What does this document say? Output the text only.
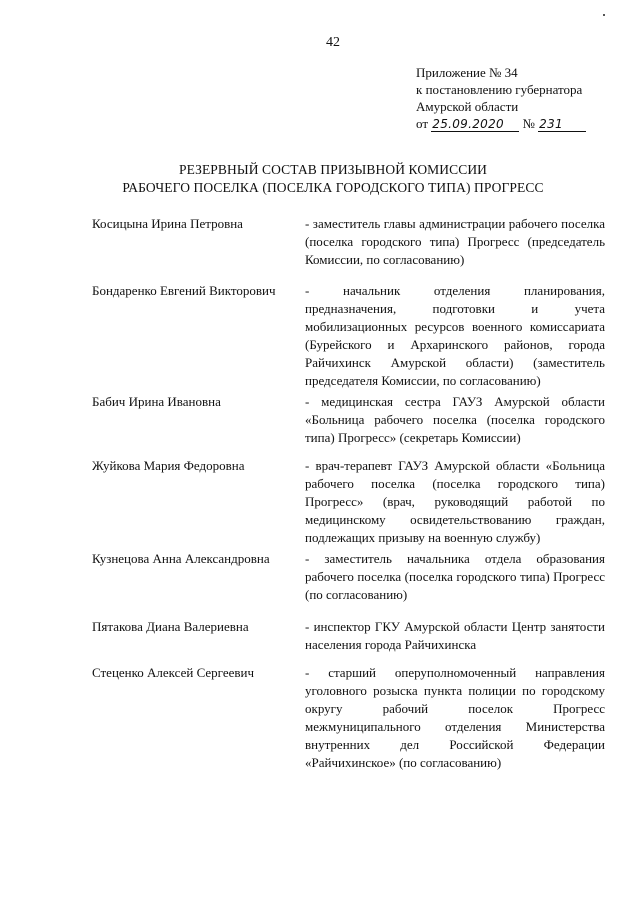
42
Приложение № 34
к постановлению губернатора
Амурской области
от 25.09.2020 № 231
РЕЗЕРВНЫЙ СОСТАВ ПРИЗЫВНОЙ КОМИССИИ
РАБОЧЕГО ПОСЕЛКА (ПОСЕЛКА ГОРОДСКОГО ТИПА) ПРОГРЕСС
Косицына Ирина Петровна	- заместитель главы администрации рабочего поселка (поселка городского типа) Прогресс (председатель Комиссии, по согласованию)
Бондаренко Евгений Викторович	- начальник отделения планирования, предназначения, подготовки и учета мобилизационных ресурсов военного комиссариата (Бурейского и Архаринского районов, города Райчихинск Амурской области) (заместитель председателя Комиссии, по согласованию)
Бабич Ирина Ивановна	- медицинская сестра ГАУЗ Амурской области «Больница рабочего поселка (поселка городского типа) Прогресс» (секретарь Комиссии)
Жуйкова Мария Федоровна	- врач-терапевт ГАУЗ Амурской области «Больница рабочего поселка (поселка городского типа) Прогресс» (врач, руководящий работой по медицинскому освидетельствованию граждан, подлежащих призыву на военную службу)
Кузнецова Анна Александровна	- заместитель начальника отдела образования рабочего поселка (поселка городского типа) Прогресс (по согласованию)
Пятакова Диана Валериевна	- инспектор ГКУ Амурской области Центр занятости населения города Райчихинска
Стеценко Алексей Сергеевич	- старший оперуполномоченный направления уголовного розыска пункта полиции по городскому округу рабочий поселок Прогресс межмуниципального отделения Министерства внутренних дел Российской Федерации «Райчихинское» (по согласованию)
